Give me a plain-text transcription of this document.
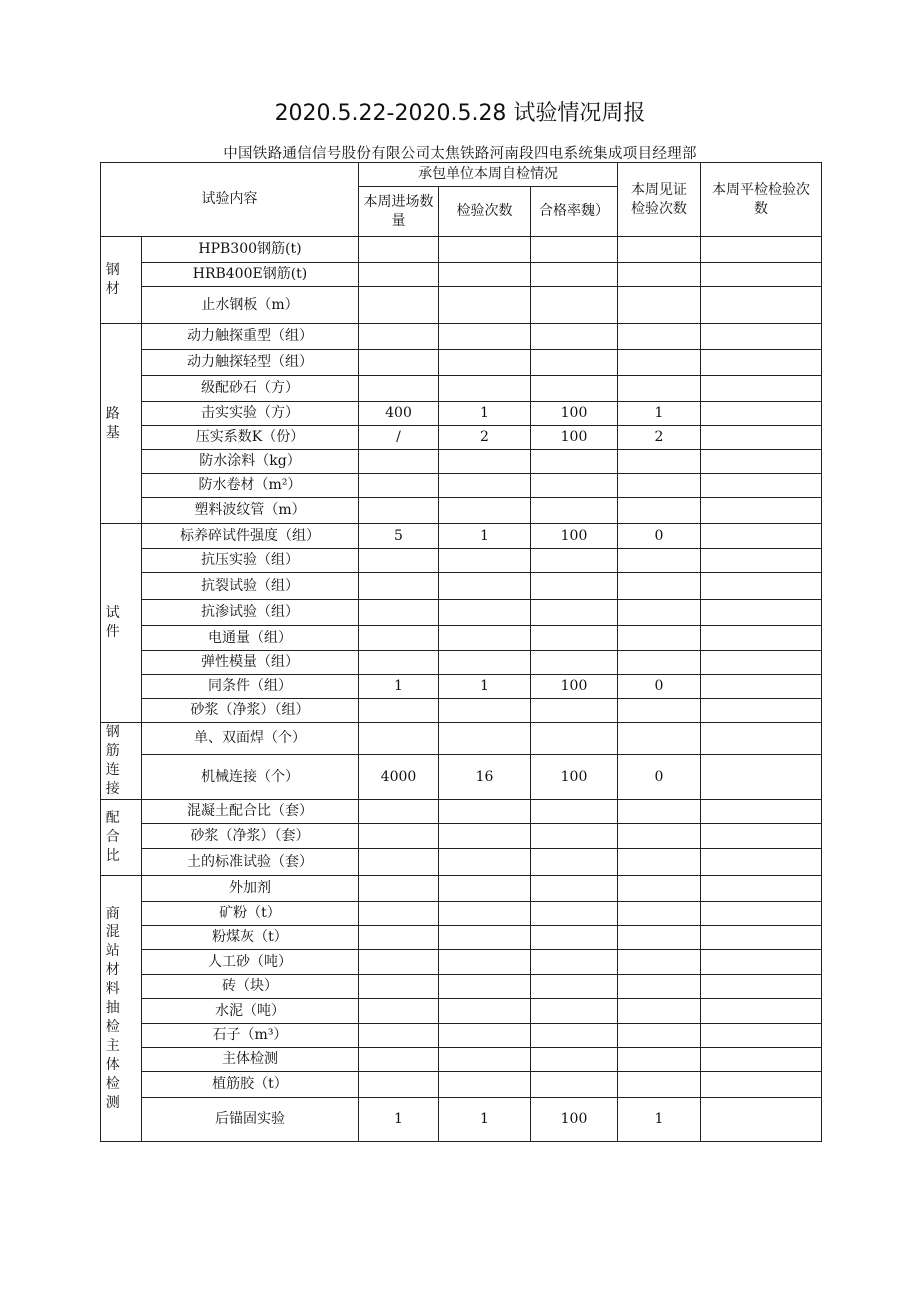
2020.5.22-2020.5.28 试验情况周报
中国铁路通信信号股份有限公司太焦铁路河南段四电系统集成项目经理部
试验内容		承包单位本周自检情况			本周见证检验次数	本周平检检验次数
		本周进场数量	检验次数	合格率魏）		

钢材	HPB300钢筋(t)					
	HRB400E钢筋(t)					
	止水钢板（m）					

路基	动力触探重型（组）					
	动力触探轻型（组）					
	级配砂石（方）					
	击实实验（方）	400	1	100	1	
	压实系数K（份）	/	2	100	2	
	防水涂料（kg）					
	防水卷材（m²）					
	塑料波纹管（m）					

试件	标养碎试件强度（组）	5	1	100	0	
	抗压实验（组）					
	抗裂试验（组）					
	抗渗试验（组）					
	电通量（组）					
	弹性模量（组）					
	同条件（组）	1	1	100	0	
	砂浆（净浆）（组）					

钢筋连接	单、双面焊（个）					
	机械连接（个）	4000	16	100	0	

配合比	混凝土配合比（套）					
	砂浆（净浆）（套）					
	土的标准试验（套）					

商混站材料抽检主体检测	外加剂					
	矿粉（t）					
	粉煤灰（t）					
	人工砂（吨）					
	砖（块）					
	水泥（吨）					
	石子（m³）					
	主体检测					
	植筋胶（t）					
	后锚固实验	1	1	100	1	
